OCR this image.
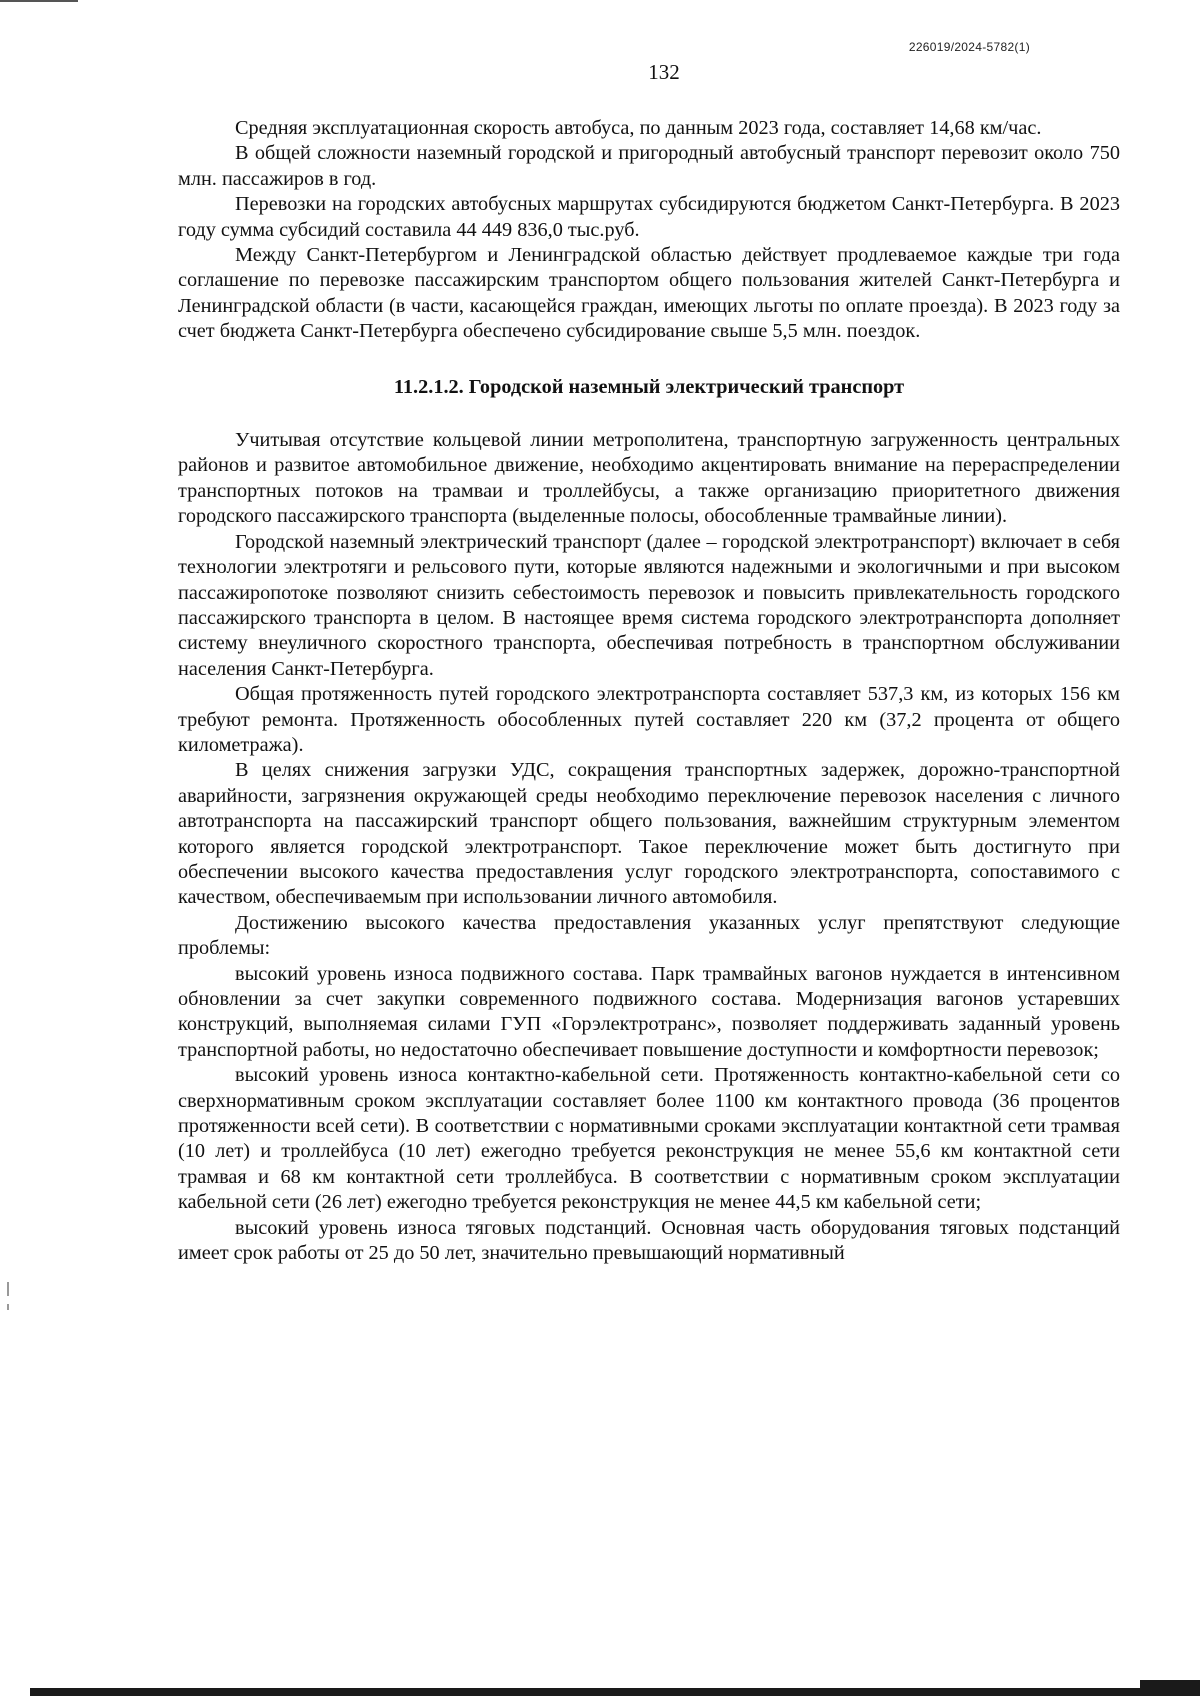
226019/2024-5782(1)
132

Средняя эксплуатационная скорость автобуса, по данным 2023 года, составляет 14,68 км/час.

В общей сложности наземный городской и пригородный автобусный транспорт перевозит около 750 млн. пассажиров в год.

Перевозки на городских автобусных маршрутах субсидируются бюджетом Санкт-Петербурга. В 2023 году сумма субсидий составила 44 449 836,0 тыс.руб.

Между Санкт-Петербургом и Ленинградской областью действует продлеваемое каждые три года соглашение по перевозке пассажирским транспортом общего пользования жителей Санкт-Петербурга и Ленинградской области (в части, касающейся граждан, имеющих льготы по оплате проезда). В 2023 году за счет бюджета Санкт-Петербурга обеспечено субсидирование свыше 5,5 млн. поездок.

11.2.1.2. Городской наземный электрический транспорт

Учитывая отсутствие кольцевой линии метрополитена, транспортную загруженность центральных районов и развитое автомобильное движение, необходимо акцентировать внимание на перераспределении транспортных потоков на трамваи и троллейбусы, а также организацию приоритетного движения городского пассажирского транспорта (выделенные полосы, обособленные трамвайные линии).

Городской наземный электрический транспорт (далее – городской электротранспорт) включает в себя технологии электротяги и рельсового пути, которые являются надежными и экологичными и при высоком пассажиропотоке позволяют снизить себестоимость перевозок и повысить привлекательность городского пассажирского транспорта в целом. В настоящее время система городского электротранспорта дополняет систему внеуличного скоростного транспорта, обеспечивая потребность в транспортном обслуживании населения Санкт-Петербурга.

Общая протяженность путей городского электротранспорта составляет 537,3 км, из которых 156 км требуют ремонта. Протяженность обособленных путей составляет 220 км (37,2 процента от общего километража).

В целях снижения загрузки УДС, сокращения транспортных задержек, дорожно-транспортной аварийности, загрязнения окружающей среды необходимо переключение перевозок населения с личного автотранспорта на пассажирский транспорт общего пользования, важнейшим структурным элементом которого является городской электротранспорт. Такое переключение может быть достигнуто при обеспечении высокого качества предоставления услуг городского электротранспорта, сопоставимого с качеством, обеспечиваемым при использовании личного автомобиля.

Достижению высокого качества предоставления указанных услуг препятствуют следующие проблемы:

высокий уровень износа подвижного состава. Парк трамвайных вагонов нуждается в интенсивном обновлении за счет закупки современного подвижного состава. Модернизация вагонов устаревших конструкций, выполняемая силами ГУП «Горэлектротранс», позволяет поддерживать заданный уровень транспортной работы, но недостаточно обеспечивает повышение доступности и комфортности перевозок;

высокий уровень износа контактно-кабельной сети. Протяженность контактно-кабельной сети со сверхнормативным сроком эксплуатации составляет более 1100 км контактного провода (36 процентов протяженности всей сети). В соответствии с нормативными сроками эксплуатации контактной сети трамвая (10 лет) и троллейбуса (10 лет) ежегодно требуется реконструкция не менее 55,6 км контактной сети трамвая и 68 км контактной сети троллейбуса. В соответствии с нормативным сроком эксплуатации кабельной сети (26 лет) ежегодно требуется реконструкция не менее 44,5 км кабельной сети;

высокий уровень износа тяговых подстанций. Основная часть оборудования тяговых подстанций имеет срок работы от 25 до 50 лет, значительно превышающий нормативный
